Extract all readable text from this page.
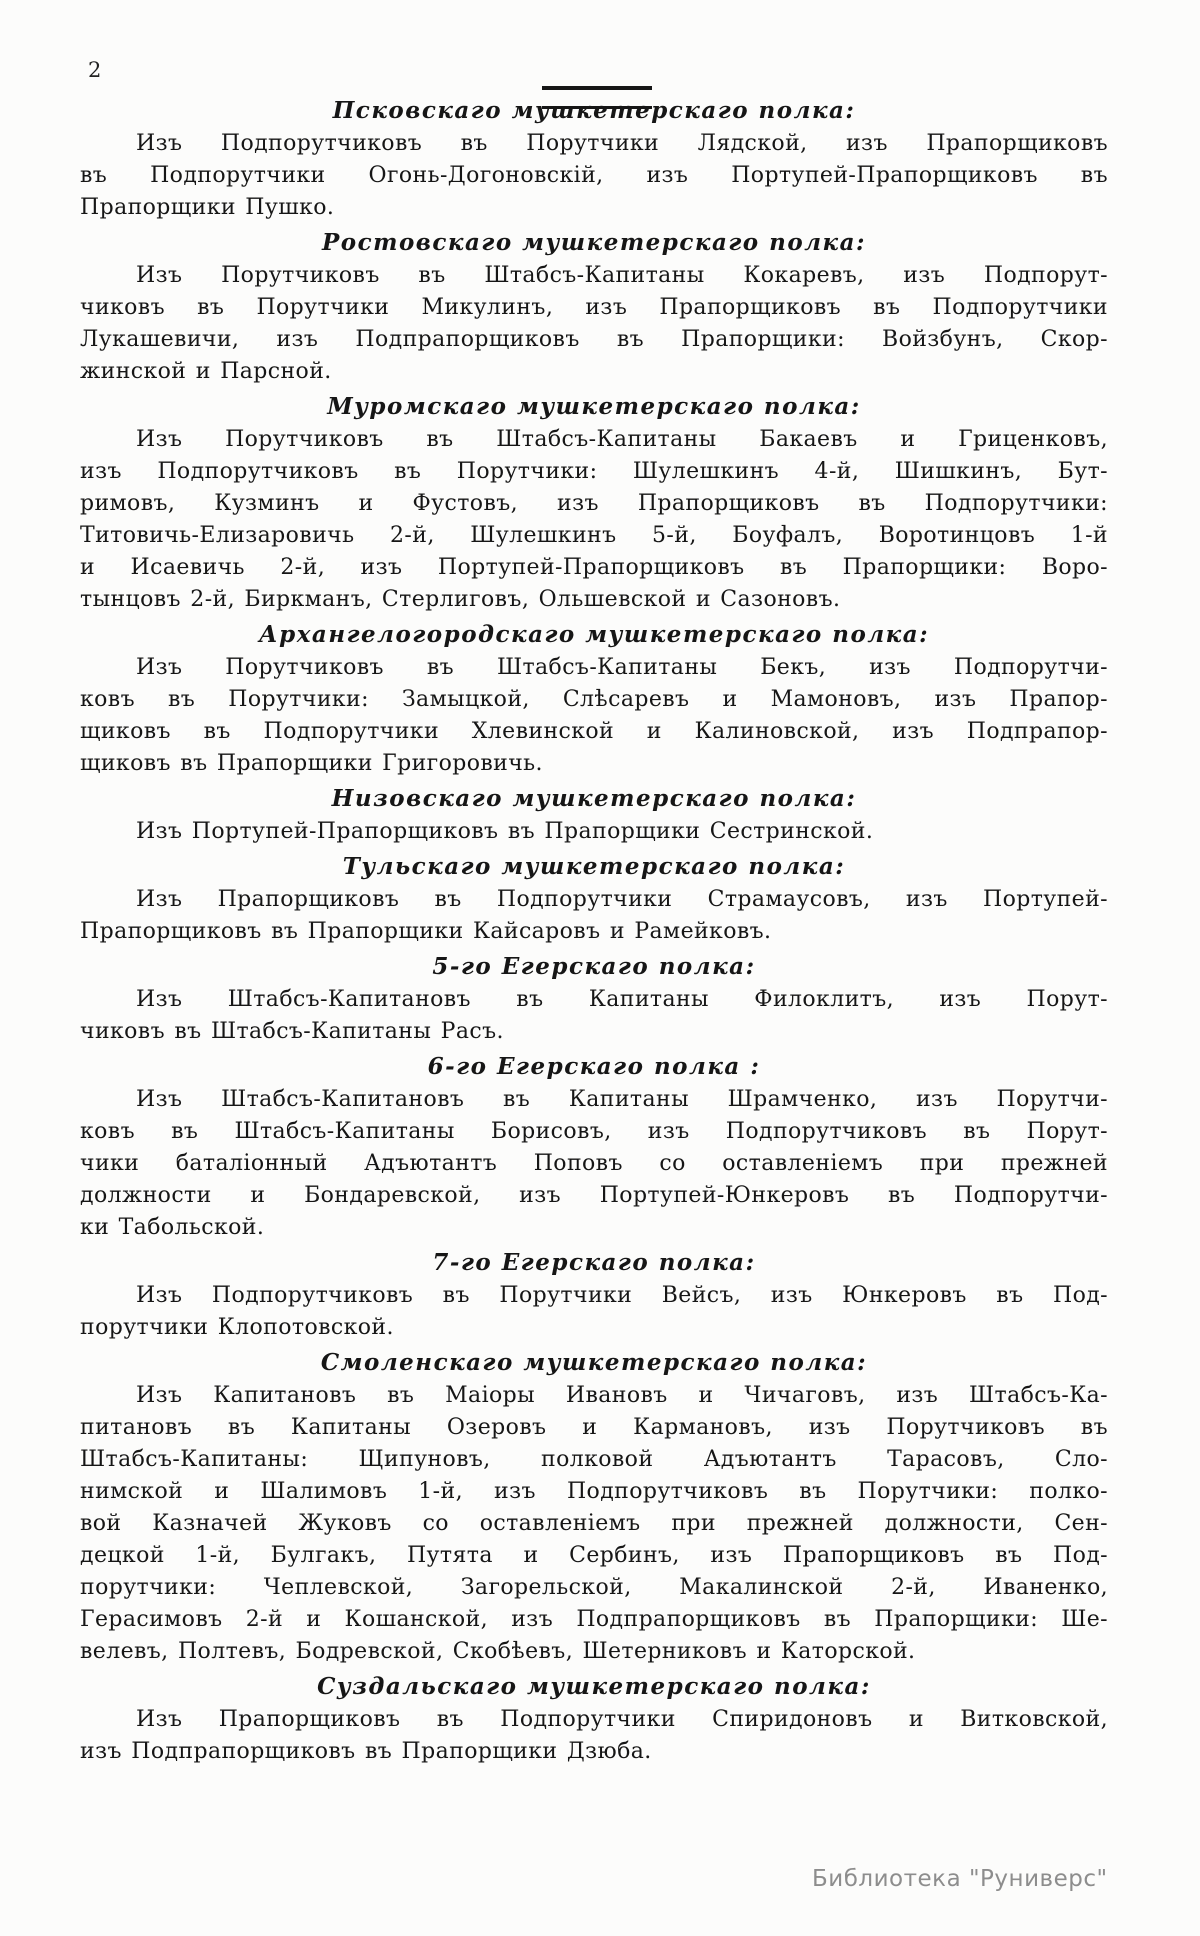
2
Псковскаго мушкетерскаго полка:
Изъ Подпорутчиковъ въ Порутчики Лядской, изъ Прапорщиковъ
въ Подпорутчики Огонь-Догоновскій, изъ Портупей-Прапорщиковъ въ
Прапорщики Пушко.
Ростовскаго мушкетерскаго полка:
Изъ Порутчиковъ въ Штабсъ-Капитаны Кокаревъ, изъ Подпорут-
чиковъ въ Порутчики Микулинъ, изъ Прапорщиковъ въ Подпорутчики
Лукашевичи, изъ Подпрапорщиковъ въ Прапорщики: Войзбунъ, Скор-
жинской и Парсной.
Муромскаго мушкетерскаго полка:
Изъ Порутчиковъ въ Штабсъ-Капитаны Бакаевъ и Гриценковъ,
изъ Подпорутчиковъ въ Порутчики: Шулешкинъ 4-й, Шишкинъ, Бут-
римовъ, Кузминъ и Фустовъ, изъ Прапорщиковъ въ Подпорутчики:
Титовичь-Елизаровичь 2-й, Шулешкинъ 5-й, Боуфалъ, Воротинцовъ 1-й
и Исаевичь 2-й, изъ Портупей-Прапорщиковъ въ Прапорщики: Воро-
тынцовъ 2-й, Биркманъ, Стерлиговъ, Ольшевской и Сазоновъ.
Архангелогородскаго мушкетерскаго полка:
Изъ Порутчиковъ въ Штабсъ-Капитаны Бекъ, изъ Подпорутчи-
ковъ въ Порутчики: Замыцкой, Слѣсаревъ и Мамоновъ, изъ Прапор-
щиковъ въ Подпорутчики Хлевинской и Калиновской, изъ Подпрапор-
щиковъ въ Прапорщики Григоровичь.
Низовскаго мушкетерскаго полка:
Изъ Портупей-Прапорщиковъ въ Прапорщики Сестринской.
Тульскаго мушкетерскаго полка:
Изъ Прапорщиковъ въ Подпорутчики Страмаусовъ, изъ Портупей-
Прапорщиковъ въ Прапорщики Кайсаровъ и Рамейковъ.
5-го Егерскаго полка:
Изъ Штабсъ-Капитановъ въ Капитаны Филоклитъ, изъ Порут-
чиковъ въ Штабсъ-Капитаны Расъ.
6-го Егерскаго полка :
Изъ Штабсъ-Капитановъ въ Капитаны Шрамченко, изъ Порутчи-
ковъ въ Штабсъ-Капитаны Борисовъ, изъ Подпорутчиковъ въ Порут-
чики баталіонный Адъютантъ Поповъ со оставленіемъ при прежней
должности и Бондаревской, изъ Портупей-Юнкеровъ въ Подпорутчи-
ки Табольской.
7-го Егерскаго полка:
Изъ Подпорутчиковъ въ Порутчики Вейсъ, изъ Юнкеровъ въ Под-
порутчики Клопотовской.
Смоленскаго мушкетерскаго полка:
Изъ Капитановъ въ Маіоры Ивановъ и Чичаговъ, изъ Штабсъ-Ка-
питановъ въ Капитаны Озеровъ и Кармановъ, изъ Порутчиковъ въ
Штабсъ-Капитаны: Щипуновъ, полковой Адъютантъ Тарасовъ, Сло-
нимской и Шалимовъ 1-й, изъ Подпорутчиковъ въ Порутчики: полко-
вой Казначей Жуковъ со оставленіемъ при прежней должности, Сен-
децкой 1-й, Булгакъ, Путята и Сербинъ, изъ Прапорщиковъ въ Под-
порутчики: Чеплевской, Загорельской, Макалинской 2-й, Иваненко,
Герасимовъ 2-й и Кошанской, изъ Подпрапорщиковъ въ Прапорщики: Ше-
велевъ, Полтевъ, Бодревской, Скобѣевъ, Шетерниковъ и Каторской.
Суздальскаго мушкетерскаго полка:
Изъ Прапорщиковъ въ Подпорутчики Спиридоновъ и Витковской,
изъ Подпрапорщиковъ въ Прапорщики Дзюба.
Библиотека "Руниверс"
